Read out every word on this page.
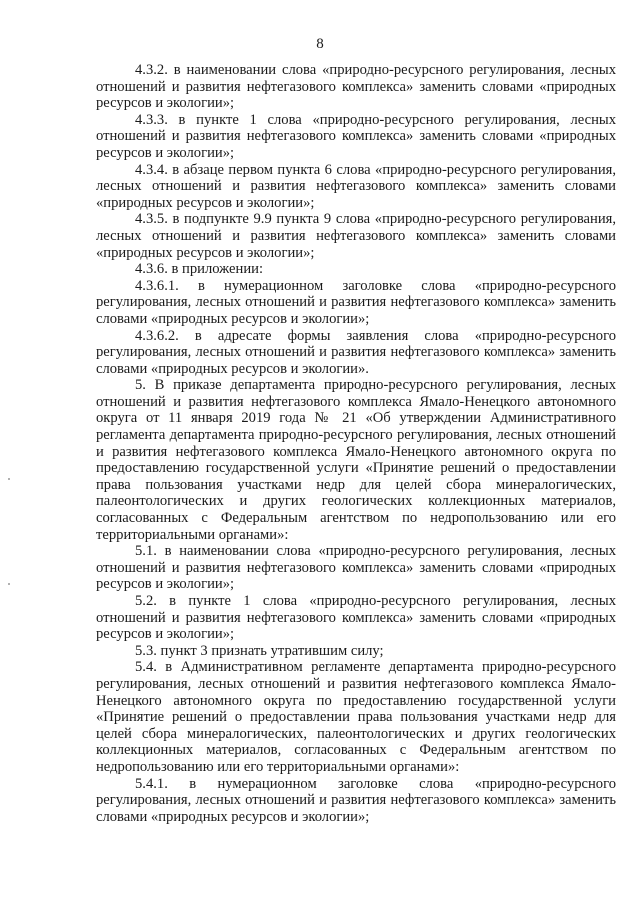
8

4.3.2. в наименовании слова «природно-ресурсного регулирования, лесных отношений и развития нефтегазового комплекса» заменить словами «природных ресурсов и экологии»;

4.3.3. в пункте 1 слова «природно-ресурсного регулирования, лесных отношений и развития нефтегазового комплекса» заменить словами «природных ресурсов и экологии»;

4.3.4. в абзаце первом пункта 6 слова «природно-ресурсного регулирования, лесных отношений и развития нефтегазового комплекса» заменить словами «природных ресурсов и экологии»;

4.3.5. в подпункте 9.9 пункта 9 слова «природно-ресурсного регулирования, лесных отношений и развития нефтегазового комплекса» заменить словами «природных ресурсов и экологии»;

4.3.6. в приложении:

4.3.6.1. в нумерационном заголовке слова «природно-ресурсного регулирования, лесных отношений и развития нефтегазового комплекса» заменить словами «природных ресурсов и экологии»;

4.3.6.2. в адресате формы заявления слова «природно-ресурсного регулирования, лесных отношений и развития нефтегазового комплекса» заменить словами «природных ресурсов и экологии».

5. В приказе департамента природно-ресурсного регулирования, лесных отношений и развития нефтегазового комплекса Ямало-Ненецкого автономного округа от 11 января 2019 года № 21 «Об утверждении Административного регламента департамента природно-ресурсного регулирования, лесных отношений и развития нефтегазового комплекса Ямало-Ненецкого автономного округа по предоставлению государственной услуги «Принятие решений о предоставлении права пользования участками недр для целей сбора минералогических, палеонтологических и других геологических коллекционных материалов, согласованных с Федеральным агентством по недропользованию или его территориальными органами»:

5.1. в наименовании слова «природно-ресурсного регулирования, лесных отношений и развития нефтегазового комплекса» заменить словами «природных ресурсов и экологии»;

5.2. в пункте 1 слова «природно-ресурсного регулирования, лесных отношений и развития нефтегазового комплекса» заменить словами «природных ресурсов и экологии»;

5.3. пункт 3 признать утратившим силу;

5.4. в Административном регламенте департамента природно-ресурсного регулирования, лесных отношений и развития нефтегазового комплекса Ямало-Ненецкого автономного округа по предоставлению государственной услуги «Принятие решений о предоставлении права пользования участками недр для целей сбора минералогических, палеонтологических и других геологических коллекционных материалов, согласованных с Федеральным агентством по недропользованию или его территориальными органами»:

5.4.1. в нумерационном заголовке слова «природно-ресурсного регулирования, лесных отношений и развития нефтегазового комплекса» заменить словами «природных ресурсов и экологии»;
